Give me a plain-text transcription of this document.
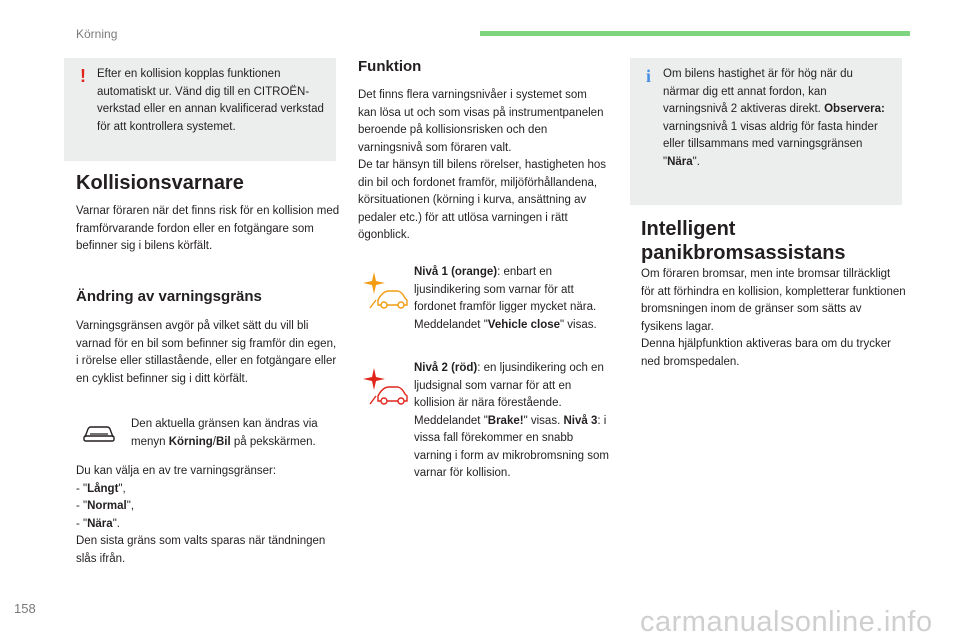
Körning
158	carmanualsonline.info
! Efter en kollision kopplas funktionen automatiskt ur. Vänd dig till en CITROËN-verkstad eller en annan kvalificerad verkstad för att kontrollera systemet.
Kollisionsvarnare
Varnar föraren när det finns risk för en kollision med framförvarande fordon eller en fotgängare som befinner sig i bilens körfält.
Ändring av varningsgräns
Varningsgränsen avgör på vilket sätt du vill bli varnad för en bil som befinner sig framför din egen, i rörelse eller stillastående, eller en fotgängare eller en cyklist befinner sig i ditt körfält.
Den aktuella gränsen kan ändras via menyn Körning/Bil på pekskärmen.
Du kan välja en av tre varningsgränser:
- "Långt",
- "Normal",
- "Nära".
Den sista gräns som valts sparas när tändningen slås ifrån.
Funktion
Det finns flera varningsnivåer i systemet som kan lösa ut och som visas på instrumentpanelen beroende på kollisionsrisken och den varningsnivå som föraren valt.
De tar hänsyn till bilens rörelser, hastigheten hos din bil och fordonet framför, miljöförhållandena, körsituationen (körning i kurva, ansättning av pedaler etc.) för att utlösa varningen i rätt ögonblick.
Nivå 1 (orange): enbart en ljusindikering som varnar för att fordonet framför ligger mycket nära. Meddelandet "Vehicle close" visas.
Nivå 2 (röd): en ljusindikering och en ljudsignal som varnar för att en kollision är nära förestående. Meddelandet "Brake!" visas. Nivå 3: i vissa fall förekommer en snabb varning i form av mikrobromsning som varnar för kollision.
i Om bilens hastighet är för hög när du närmar dig ett annat fordon, kan varningsnivå 2 aktiveras direkt. Observera: varningsnivå 1 visas aldrig för fasta hinder eller tillsammans med varningsgränsen "Nära".
Intelligent
panikbromsassistans
Om föraren bromsar, men inte bromsar tillräckligt för att förhindra en kollision, kompletterar funktionen bromsningen inom de gränser som sätts av fysikens lagar.
Denna hjälpfunktion aktiveras bara om du trycker ned bromspedalen.
